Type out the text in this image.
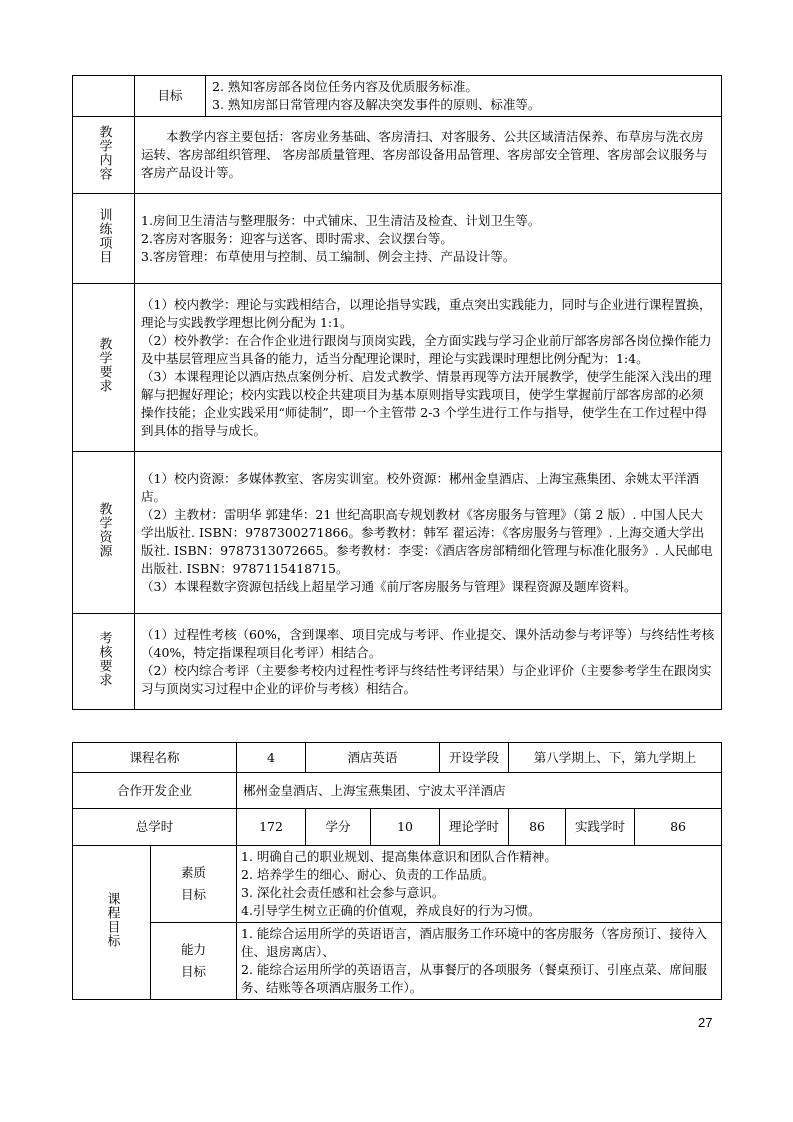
	目标	2. 熟知客房部各岗位任务内容及优质服务标准。

3. 熟知房部日常管理内容及解决突发事件的原则、标准等。

教学内容	本教学内容主要包括：客房业务基础、客房清扫、对客服务、公共区域清洁保养、布草房与洗衣房运转、客房部组织管理、 客房部质量管理、客房部设备用品管理、客房部安全管理、客房部会议服务与客房产品设计等。	

训练项目	1.房间卫生清洁与整理服务：中式铺床、卫生清洁及检查、计划卫生等。

2.客房对客服务：迎客与送客、即时需求、会议摆台等。

3.客房管理：布草使用与控制、员工编制、例会主持、产品设计等。	

教学要求	（1）校内教学：理论与实践相结合，以理论指导实践，重点突出实践能力，同时与企业进行课程置换，理论与实践教学理想比例分配为 1:1。

（2）校外教学：在合作企业进行跟岗与顶岗实践，全方面实践与学习企业前厅部客房部各岗位操作能力及中基层管理应当具备的能力，适当分配理论课时，理论与实践课时理想比例分配为：1:4。

（3）本课程理论以酒店热点案例分析、启发式教学、情景再现等方法开展教学，使学生能深入浅出的理解与把握好理论；校内实践以校企共建项目为基本原则指导实践项目，使学生掌握前厅部客房部的必须操作技能；企业实践采用“师徒制”，即一个主管带 2-3 个学生进行工作与指导，使学生在工作过程中得到具体的指导与成长。	

教学资源	（1）校内资源：多媒体教室、客房实训室。校外资源：郴州金皇酒店、上海宝燕集团、余姚太平洋酒店。

（2）主教材：雷明华 郭建华：21 世纪高职高专规划教材《客房服务与管理》（第 2 版）. 中国人民大学出版社. ISBN：9787300271866。参考教材：韩军 翟运涛：《客房服务与管理》. 上海交通大学出版社. ISBN：9787313072665。参考教材：李雯：《酒店客房部精细化管理与标准化服务》. 人民邮电出版社. ISBN：9787115418715。

（3）本课程数字资源包括线上超星学习通《前厅客房服务与管理》课程资源及题库资料。	

考核要求	（1）过程性考核（60%，含到课率、项目完成与考评、作业提交、课外活动参与考评等）与终结性考核（40%，特定指课程项目化考评）相结合。

（2）校内综合考评（主要参考校内过程性考评与终结性考评结果）与企业评价（主要参考学生在跟岗实习与顶岗实习过程中企业的评价与考核）相结合。	

课程名称		4	酒店英语		开设学段	第八学期上、下，第九学期上		
合作开发企业		郴州金皇酒店、上海宝燕集团、宁波太平洋酒店						
总学时		172	学分	10	理论学时	86	实践学时	86
课程目标	素质目标	1. 明确自己的职业规划、提高集体意识和团队合作精神。

2. 培养学生的细心、耐心、负责的工作品质。

3. 深化社会责任感和社会参与意识。

4.引导学生树立正确的价值观，养成良好的行为习惯。						

	能力目标	1. 能综合运用所学的英语语言，酒店服务工作环境中的客房服务（客房预订、接待入住、退房离店）、

2. 能综合运用所学的英语语言，从事餐厅的各项服务（餐桌预订、引座点菜、席间服务、结账等各项酒店服务工作）。						

27
